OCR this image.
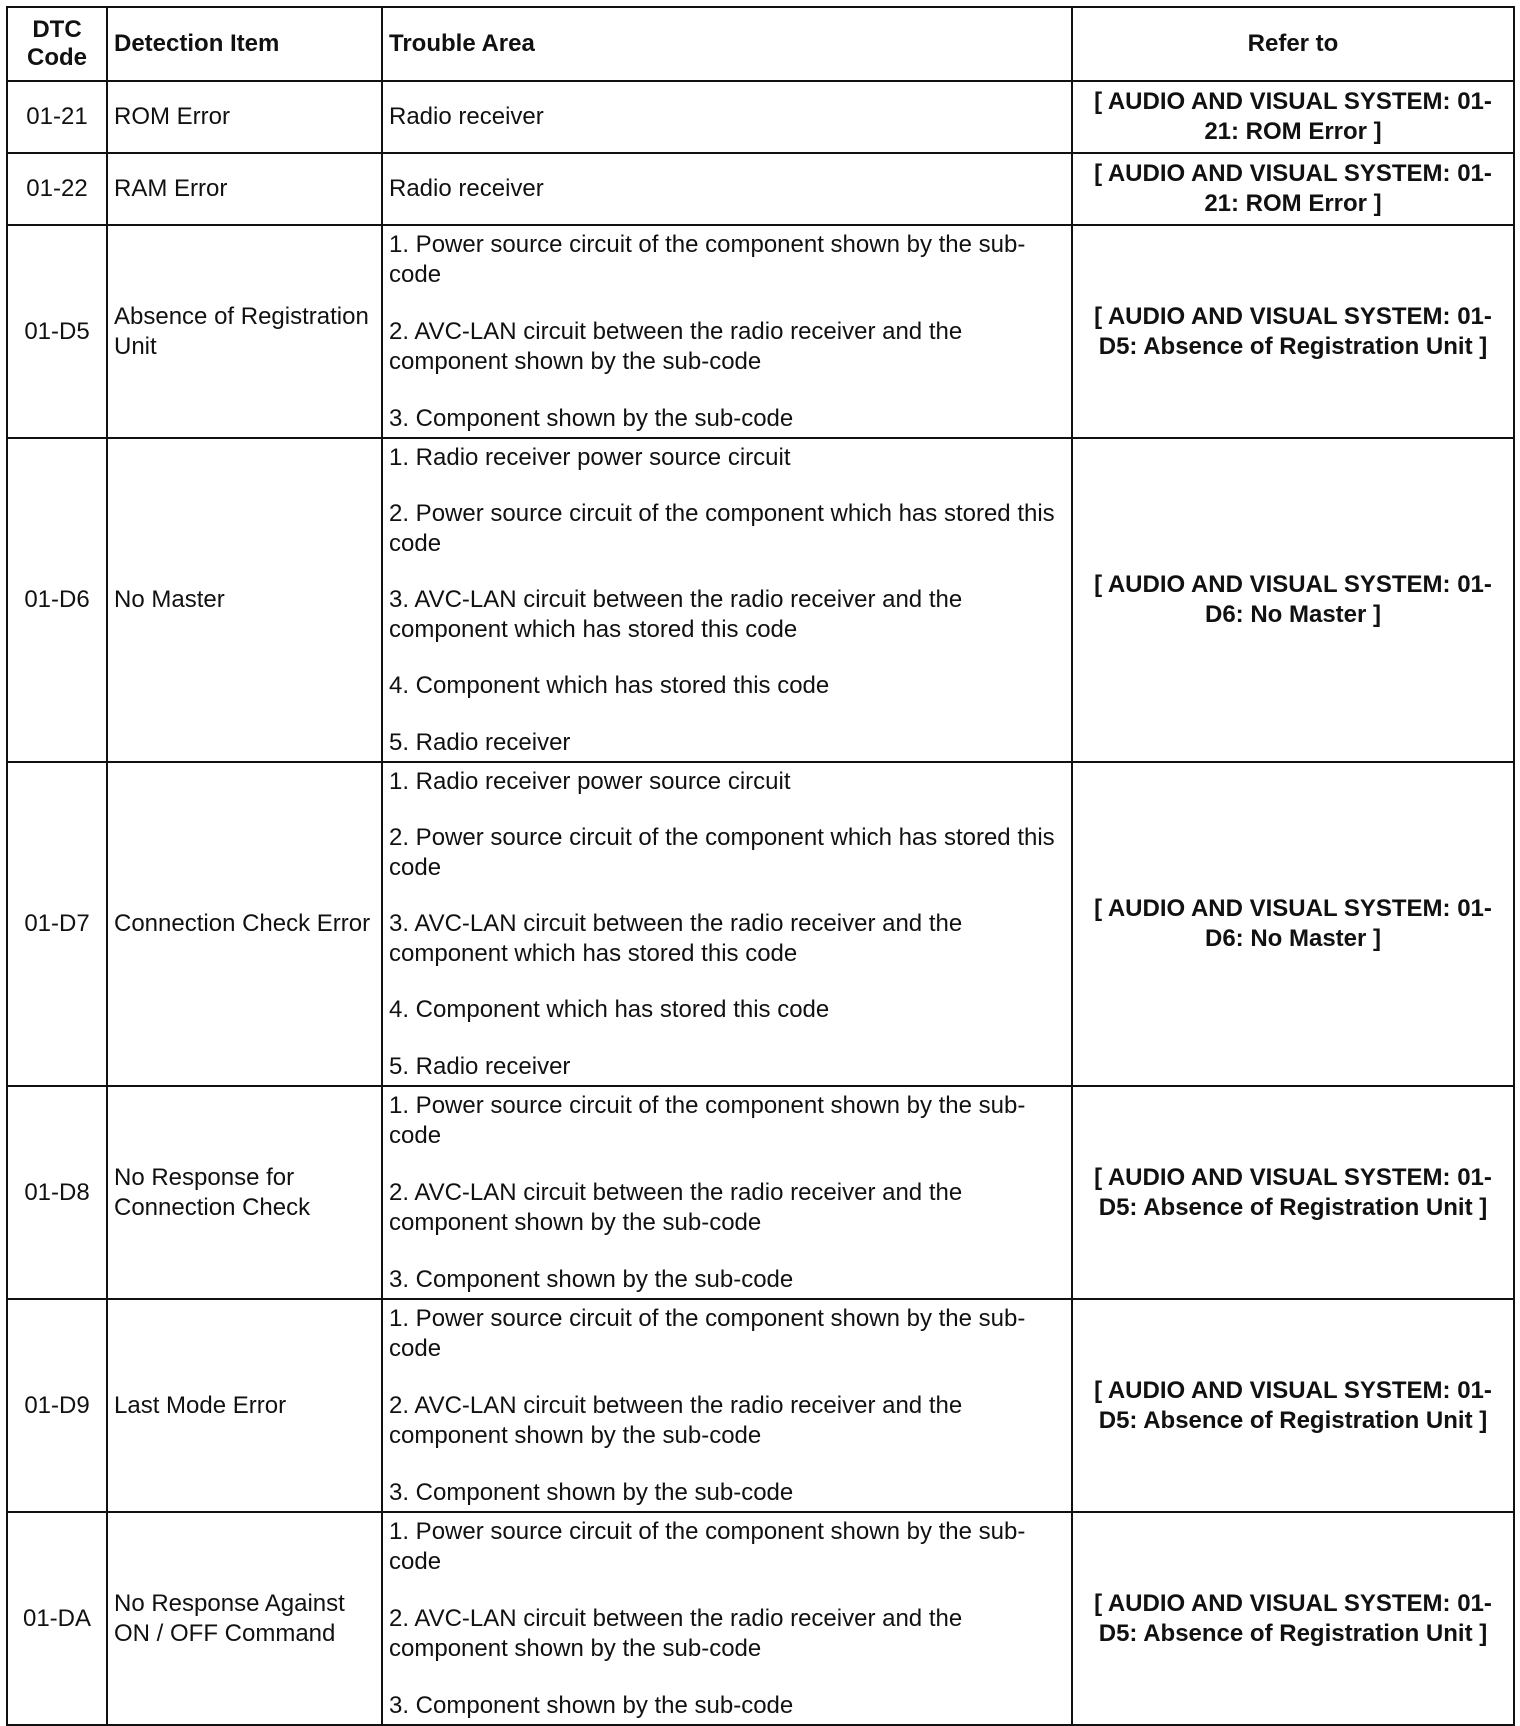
DTC Code	Detection Item	Trouble Area	Refer to
01-21	ROM Error	Radio receiver	[ AUDIO AND VISUAL SYSTEM: 01-21: ROM Error ]
01-22	RAM Error	Radio receiver	[ AUDIO AND VISUAL SYSTEM: 01-21: ROM Error ]
01-D5	Absence of Registration Unit	1. Power source circuit of the component shown by the sub-code
2. AVC-LAN circuit between the radio receiver and the component shown by the sub-code
3. Component shown by the sub-code	[ AUDIO AND VISUAL SYSTEM: 01-D5: Absence of Registration Unit ]
01-D6	No Master	1. Radio receiver power source circuit
2. Power source circuit of the component which has stored this code
3. AVC-LAN circuit between the radio receiver and the component which has stored this code
4. Component which has stored this code
5. Radio receiver	[ AUDIO AND VISUAL SYSTEM: 01-D6: No Master ]
01-D7	Connection Check Error	1. Radio receiver power source circuit
2. Power source circuit of the component which has stored this code
3. AVC-LAN circuit between the radio receiver and the component which has stored this code
4. Component which has stored this code
5. Radio receiver	[ AUDIO AND VISUAL SYSTEM: 01-D6: No Master ]
01-D8	No Response for Connection Check	1. Power source circuit of the component shown by the sub-code
2. AVC-LAN circuit between the radio receiver and the component shown by the sub-code
3. Component shown by the sub-code	[ AUDIO AND VISUAL SYSTEM: 01-D5: Absence of Registration Unit ]
01-D9	Last Mode Error	1. Power source circuit of the component shown by the sub-code
2. AVC-LAN circuit between the radio receiver and the component shown by the sub-code
3. Component shown by the sub-code	[ AUDIO AND VISUAL SYSTEM: 01-D5: Absence of Registration Unit ]
01-DA	No Response Against ON / OFF Command	1. Power source circuit of the component shown by the sub-code
2. AVC-LAN circuit between the radio receiver and the component shown by the sub-code
3. Component shown by the sub-code	[ AUDIO AND VISUAL SYSTEM: 01-D5: Absence of Registration Unit ]
